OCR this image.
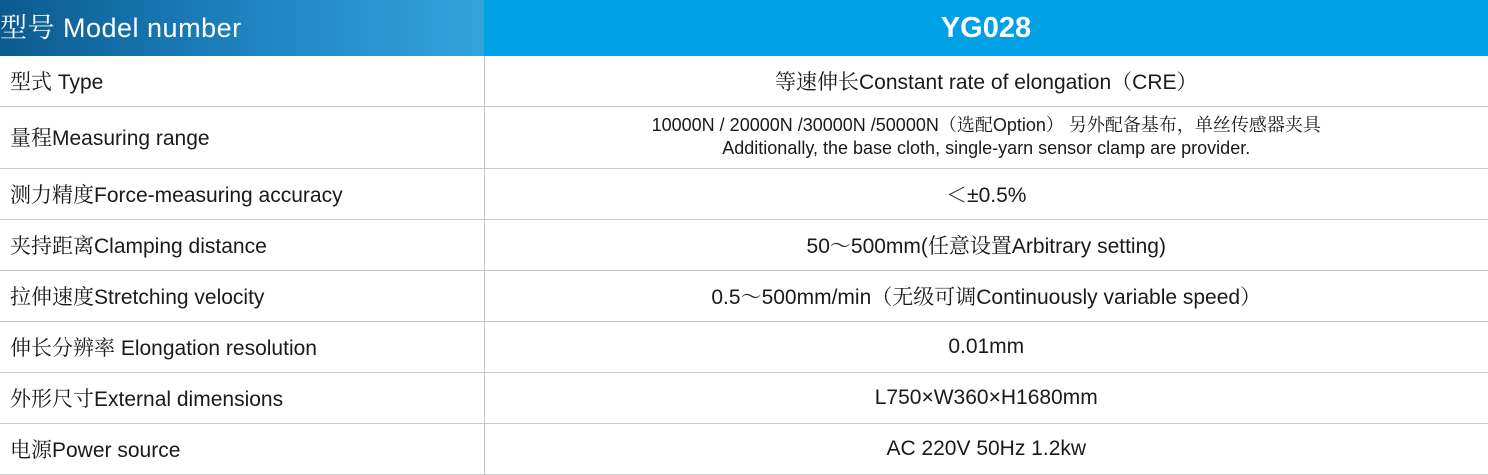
型号 Model number	YG028
型式 Type	等速伸长Constant rate of elongation（CRE）

量程Measuring range	10000N / 20000N /30000N /50000N（选配Option） 另外配备基布，单丝传感器夹具
Additionally, the base cloth, single-yarn sensor clamp are provider.

测力精度Force-measuring accuracy	＜±0.5%

夹持距离Clamping distance	50～500mm(任意设置Arbitrary setting)

拉伸速度Stretching velocity	0.5～500mm/min（无级可调Continuously variable speed）

伸长分辨率 Elongation resolution	0.01mm

外形尺寸External dimensions	L750×W360×H1680mm

电源Power source	AC 220V 50Hz 1.2kw
